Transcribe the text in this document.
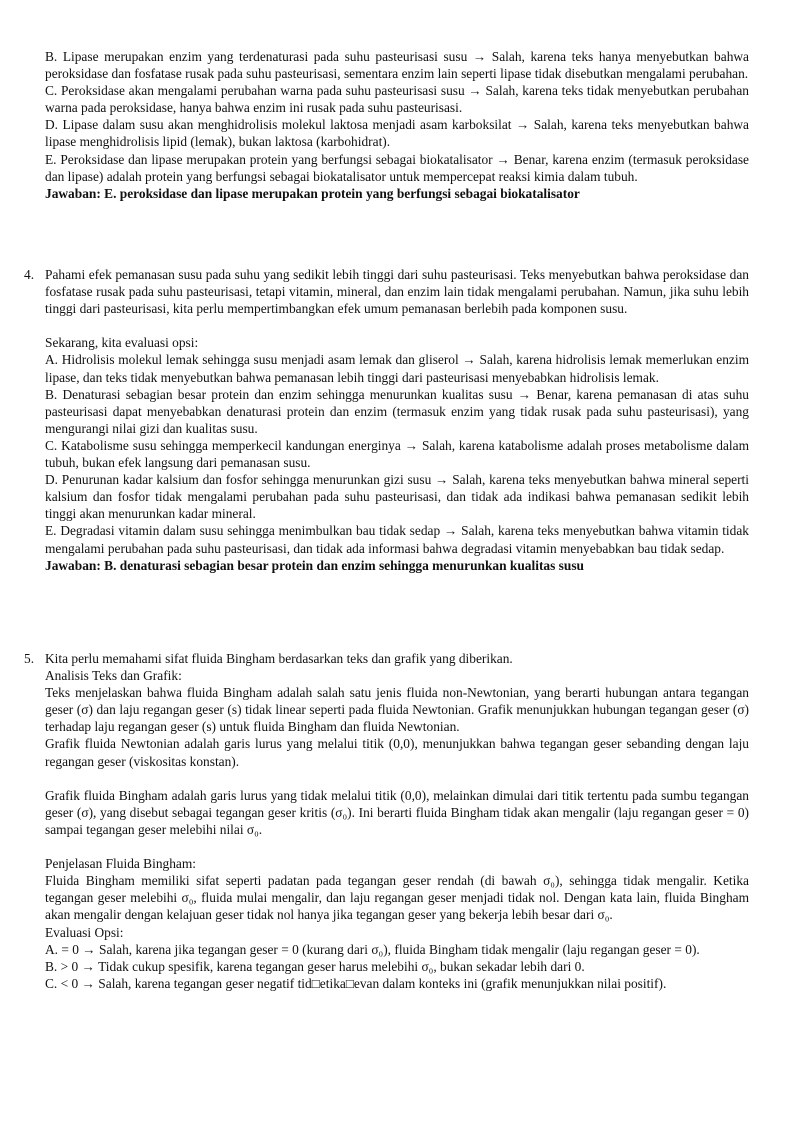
B. Lipase merupakan enzim yang terdenaturasi pada suhu pasteurisasi susu → Salah, karena teks hanya menyebutkan bahwa peroksidase dan fosfatase rusak pada suhu pasteurisasi, sementara enzim lain seperti lipase tidak disebutkan mengalami perubahan.

C. Peroksidase akan mengalami perubahan warna pada suhu pasteurisasi susu → Salah, karena teks tidak menyebutkan perubahan warna pada peroksidase, hanya bahwa enzim ini rusak pada suhu pasteurisasi.

D. Lipase dalam susu akan menghidrolisis molekul laktosa menjadi asam karboksilat → Salah, karena teks menyebutkan bahwa lipase menghidrolisis lipid (lemak), bukan laktosa (karbohidrat).

E. Peroksidase dan lipase merupakan protein yang berfungsi sebagai biokatalisator → Benar, karena enzim (termasuk peroksidase dan lipase) adalah protein yang berfungsi sebagai biokatalisator untuk mempercepat reaksi kimia dalam tubuh.

Jawaban: E. peroksidase dan lipase merupakan protein yang berfungsi sebagai biokatalisator

4. Pahami efek pemanasan susu pada suhu yang sedikit lebih tinggi dari suhu pasteurisasi. Teks menyebutkan bahwa peroksidase dan fosfatase rusak pada suhu pasteurisasi, tetapi vitamin, mineral, dan enzim lain tidak mengalami perubahan. Namun, jika suhu lebih tinggi dari pasteurisasi, kita perlu mempertimbangkan efek umum pemanasan berlebih pada komponen susu.

Sekarang, kita evaluasi opsi:

A. Hidrolisis molekul lemak sehingga susu menjadi asam lemak dan gliserol → Salah, karena hidrolisis lemak memerlukan enzim lipase, dan teks tidak menyebutkan bahwa pemanasan lebih tinggi dari pasteurisasi menyebabkan hidrolisis lemak.

B. Denaturasi sebagian besar protein dan enzim sehingga menurunkan kualitas susu → Benar, karena pemanasan di atas suhu pasteurisasi dapat menyebabkan denaturasi protein dan enzim (termasuk enzim yang tidak rusak pada suhu pasteurisasi), yang mengurangi nilai gizi dan kualitas susu.

C. Katabolisme susu sehingga memperkecil kandungan energinya → Salah, karena katabolisme adalah proses metabolisme dalam tubuh, bukan efek langsung dari pemanasan susu.

D. Penurunan kadar kalsium dan fosfor sehingga menurunkan gizi susu → Salah, karena teks menyebutkan bahwa mineral seperti kalsium dan fosfor tidak mengalami perubahan pada suhu pasteurisasi, dan tidak ada indikasi bahwa pemanasan sedikit lebih tinggi akan menurunkan kadar mineral.

E. Degradasi vitamin dalam susu sehingga menimbulkan bau tidak sedap → Salah, karena teks menyebutkan bahwa vitamin tidak mengalami perubahan pada suhu pasteurisasi, dan tidak ada informasi bahwa degradasi vitamin menyebabkan bau tidak sedap.

Jawaban: B. denaturasi sebagian besar protein dan enzim sehingga menurunkan kualitas susu

5. Kita perlu memahami sifat fluida Bingham berdasarkan teks dan grafik yang diberikan.

Analisis Teks dan Grafik:

Teks menjelaskan bahwa fluida Bingham adalah salah satu jenis fluida non-Newtonian, yang berarti hubungan antara tegangan geser (σ) dan laju regangan geser (s) tidak linear seperti pada fluida Newtonian. Grafik menunjukkan hubungan tegangan geser (σ) terhadap laju regangan geser (s) untuk fluida Bingham dan fluida Newtonian.

Grafik fluida Newtonian adalah garis lurus yang melalui titik (0,0), menunjukkan bahwa tegangan geser sebanding dengan laju regangan geser (viskositas konstan).

Grafik fluida Bingham adalah garis lurus yang tidak melalui titik (0,0), melainkan dimulai dari titik tertentu pada sumbu tegangan geser (σ), yang disebut sebagai tegangan geser kritis (σ₀). Ini berarti fluida Bingham tidak akan mengalir (laju regangan geser = 0) sampai tegangan geser melebihi nilai σ₀.

Penjelasan Fluida Bingham:

Fluida Bingham memiliki sifat seperti padatan pada tegangan geser rendah (di bawah σ₀), sehingga tidak mengalir. Ketika tegangan geser melebihi σ₀, fluida mulai mengalir, dan laju regangan geser menjadi tidak nol. Dengan kata lain, fluida Bingham akan mengalir dengan kelajuan geser tidak nol hanya jika tegangan geser yang bekerja lebih besar dari σ₀.

Evaluasi Opsi:

A. = 0 → Salah, karena jika tegangan geser = 0 (kurang dari σ₀), fluida Bingham tidak mengalir (laju regangan geser = 0).

B. > 0 → Tidak cukup spesifik, karena tegangan geser harus melebihi σ₀, bukan sekadar lebih dari 0.

C. < 0 → Salah, karena tegangan geser negatif tid□etika□evan dalam konteks ini (grafik menunjukkan nilai positif).
